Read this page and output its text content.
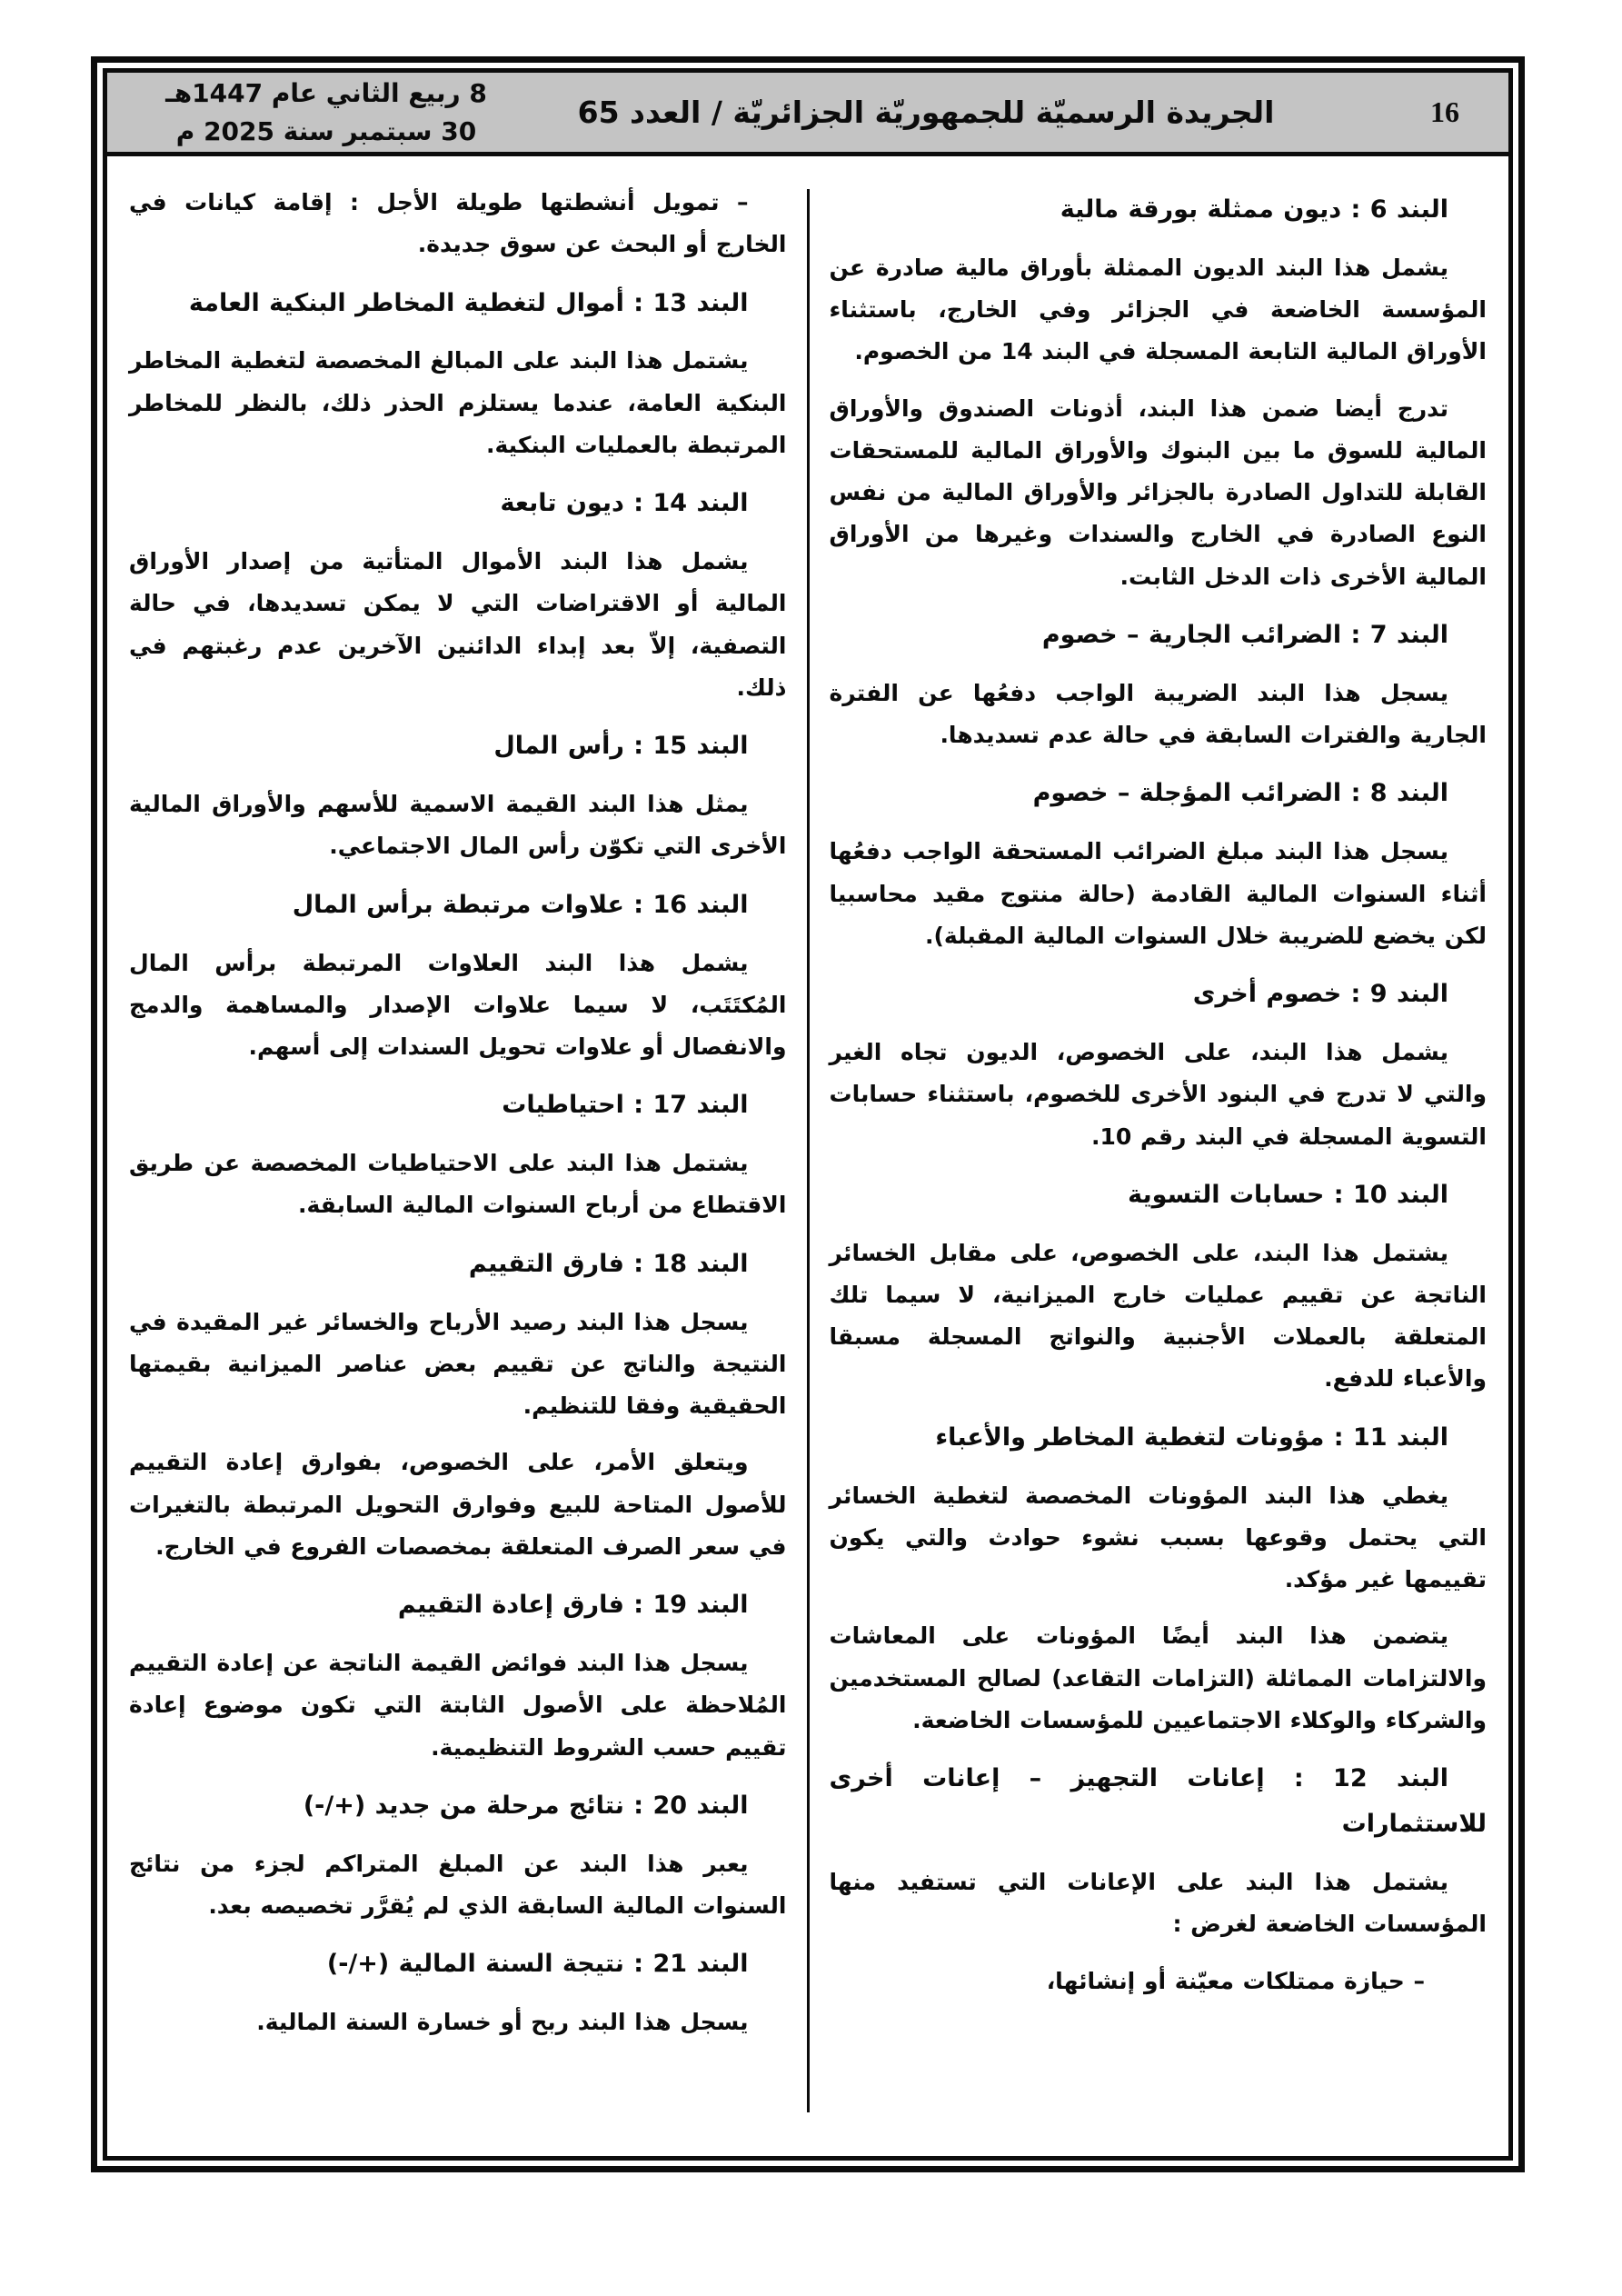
16
الجريدة الرسميّة للجمهوريّة الجزائريّة / العدد 65
8 ربيع الثاني عام 1447هـ
30 سبتمبر سنة 2025 م
البند 6 : ديون ممثلة بورقة مالية
يشمل هذا البند الديون الممثلة بأوراق مالية صادرة عن المؤسسة الخاضعة في الجزائر وفي الخارج، باستثناء الأوراق المالية التابعة المسجلة في البند 14 من الخصوم.
تدرج أيضا ضمن هذا البند، أذونات الصندوق والأوراق المالية للسوق ما بين البنوك والأوراق المالية للمستحقات القابلة للتداول الصادرة بالجزائر والأوراق المالية من نفس النوع الصادرة في الخارج والسندات وغيرها من الأوراق المالية الأخرى ذات الدخل الثابت.
البند 7 : الضرائب الجارية – خصوم
يسجل هذا البند الضريبة الواجب دفعُها عن الفترة الجارية والفترات السابقة في حالة عدم تسديدها.
البند 8 : الضرائب المؤجلة – خصوم
يسجل هذا البند مبلغ الضرائب المستحقة الواجب دفعُها أثناء السنوات المالية القادمة (حالة منتوج مقيد محاسبيا لكن يخضع للضريبة خلال السنوات المالية المقبلة).
البند 9 : خصوم أخرى
يشمل هذا البند، على الخصوص، الديون تجاه الغير والتي لا تدرج في البنود الأخرى للخصوم، باستثناء حسابات التسوية المسجلة في البند رقم 10.
البند 10 : حسابات التسوية
يشتمل هذا البند، على الخصوص، على مقابل الخسائر الناتجة عن تقييم عمليات خارج الميزانية، لا سيما تلك المتعلقة بالعملات الأجنبية والنواتج المسجلة مسبقا والأعباء للدفع.
البند 11 : مؤونات لتغطية المخاطر والأعباء
يغطي هذا البند المؤونات المخصصة لتغطية الخسائر التي يحتمل وقوعها بسبب نشوء حوادث والتي يكون تقييمها غير مؤكد.
يتضمن هذا البند أيضًا المؤونات على المعاشات والالتزامات المماثلة (التزامات التقاعد) لصالح المستخدمين والشركاء والوكلاء الاجتماعيين للمؤسسات الخاضعة.
البند 12 : إعانات التجهيز – إعانات أخرى للاستثمارات
يشتمل هذا البند على الإعانات التي تستفيد منها المؤسسات الخاضعة لغرض :
– حيازة ممتلكات معيّنة أو إنشائها،
– تمويل أنشطتها طويلة الأجل : إقامة كيانات في الخارج أو البحث عن سوق جديدة.
البند 13 : أموال لتغطية المخاطر البنكية العامة
يشتمل هذا البند على المبالغ المخصصة لتغطية المخاطر البنكية العامة، عندما يستلزم الحذر ذلك، بالنظر للمخاطر المرتبطة بالعمليات البنكية.
البند 14 : ديون تابعة
يشمل هذا البند الأموال المتأتية من إصدار الأوراق المالية أو الاقتراضات التي لا يمكن تسديدها، في حالة التصفية، إلاّ بعد إبداء الدائنين الآخرين عدم رغبتهم في ذلك.
البند 15 : رأس المال
يمثل هذا البند القيمة الاسمية للأسهم والأوراق المالية الأخرى التي تكوّن رأس المال الاجتماعي.
البند 16 : علاوات مرتبطة برأس المال
يشمل هذا البند العلاوات المرتبطة برأس المال المُكتَتَب، لا سيما علاوات الإصدار والمساهمة والدمج والانفصال أو علاوات تحويل السندات إلى أسهم.
البند 17 : احتياطيات
يشتمل هذا البند على الاحتياطيات المخصصة عن طريق الاقتطاع من أرباح السنوات المالية السابقة.
البند 18 : فارق التقييم
يسجل هذا البند رصيد الأرباح والخسائر غير المقيدة في النتيجة والناتج عن تقييم بعض عناصر الميزانية بقيمتها الحقيقية وفقا للتنظيم.
ويتعلق الأمر، على الخصوص، بفوارق إعادة التقييم للأصول المتاحة للبيع وفوارق التحويل المرتبطة بالتغيرات في سعر الصرف المتعلقة بمخصصات الفروع في الخارج.
البند 19 : فارق إعادة التقييم
يسجل هذا البند فوائض القيمة الناتجة عن إعادة التقييم المُلاحظة على الأصول الثابتة التي تكون موضوع إعادة تقييم حسب الشروط التنظيمية.
البند 20 : نتائج مرحلة من جديد (+/-)
يعبر هذا البند عن المبلغ المتراكم لجزء من نتائج السنوات المالية السابقة الذي لم يُقرَّر تخصيصه بعد.
البند 21 : نتيجة السنة المالية (+/-)
يسجل هذا البند ربح أو خسارة السنة المالية.
